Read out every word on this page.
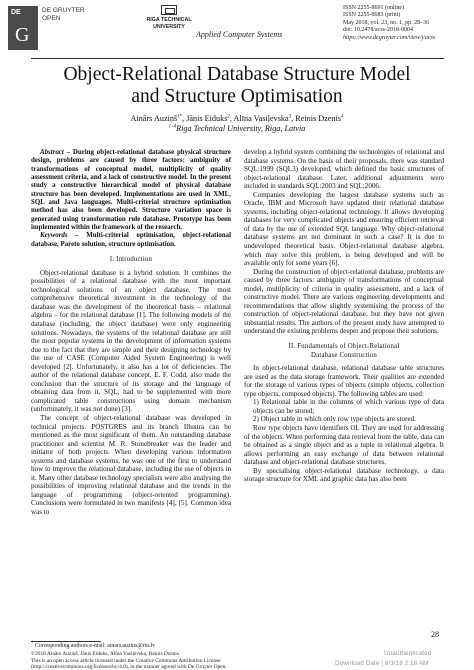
DE
G
DE GRUYTER
OPEN	RIGA TECHNICAL
UNIVERSITY
Applied Computer Systems
ISSN 2255-8691 (online)
ISSN 2255-8683 (print)
May 2018, vol. 23, no. 1, pp. 28–36
doi: 10.2478/acss-2018-0004
https://www.degruyter.com/view/j/acss
Object-Relational Database Structure Model
and Structure Optimisation
Ainārs Auziņš$^{1*}$, Jānis Eiduks$^2$, Alīna Vasiļevska$^3$, Reinis Dzenis$^4$
$^{1-4}$Riga Technical University, Riga, Latvia
Abstract – During object-relational database physical structure design, problems are caused by three factors: ambiguity of transformations of conceptual model, multiplicity of quality assessment criteria, and a lack of constructive model. In the present study a constructive hierarchical model of physical database structure has been developed. Implementations are used in XML, SQL and Java languages. Multi-criterial structure optimisation method has also been developed. Structure variation space is generated using transformation rule database. Prototype has been implemented within the framework of the research.
Keywords – Multi-criterial optimisation, object-relational database, Pareto solution, structure optimisation.
I. Introduction
Object-relational database is a hybrid solution. It combines the possibilities of a relational database with the most important technological solutions of an object database. The most comprehensive theoretical investment in the technology of the database was the development of the theoretical basis – relational algebra – for the relational database [1]. The following models of the database (including, the object database) were only engineering solutions. Nowadays, the systems of the relational database are still the most popular systems in the development of information systems due to the fact that they are simple and their designing technology by the use of CASE (Computer Aided System Engineering) is well developed [2]. Unfortunately, it also has a lot of deficiencies. The author of the relational database concept, E. F. Codd, also made the conclusion that the structure of its storage and the language of obtaining data from it, SQL, had to be supplemented with more complicated table constructions using domain mechanism (unfortunately, it was not done) [3].
The concept of object-relational database was developed in technical projects. POSTGRES and its branch Illustra can be mentioned as the most significant of them. An outstanding database practitioner and scientist M. R. Stonebreaker was the leader and initiator of both projects. When developing various information systems and database systems, he was one of the first to understand how to improve the relational database, including the use of objects in it. Many other database technology specialists were also analysing the possibilities of improving relational database and the trends in the language of programming (object-oriented programming). Conclusions were formulated in two manifests [4], [5]. Common idea was to
develop a hybrid system combining the technologies of relational and database systems. On the basis of their proposals, there was standard SQL:1999 (SQL3) developed, which defined the basic structures of object-relational database. Later, additional adjustments were included in standards SQL:2003 and SQL:2006.
Companies developing the largest database systems such as Oracle, IBM and Microsoft have updated their relational database systems, including object-relational technology. It allows developing databases for very complicated objects and ensuring efficient retrieval of data by the use of extended SQL language. Why object-relational database systems are not dominant in such a case? It is due to undeveloped theoretical basis. Object-relational database algebra, which may solve this problem, is being developed and will be available only for some years [6].
During the construction of object-relational database, problems are caused by three factors: ambiguity of transformations of conceptual model, multiplicity of criteria in quality assessment, and a lack of constructive model. There are various engineering developments and recommendations that allow slightly systemising the process of the construction of object-relational database, but they have not given substantial results. The authors of the present study have attempted to understand the existing problems deeper and propose their solutions.
II. Fundamentals of Object-Relational
Database Construction
In object-relational database, relational database table structures are used as the data storage framework. Their qualities are extended for the storage of various types of objects (simple objects, collection type objects, composed objects). The following tables are used:
1) Relational table in the columns of which various type of data objects can be stored;
2) Object table in which only row type objects are stored.
Row type objects have identifiers OI. They are used for addressing of the objects. When performing data retrieval from the table, data can be obtained as a single object and as a tuple in relational algebra. It allows performing an easy exchange of data between relational database and object-relational database structures.
By specialising object-relational database technology, a data storage structure for XML and graphic data has also been
28
* Corresponding authors e-mail: ainars.auzins@rtu.lv
©2018 Ainārs Auziņš, Jānis Eiduks, Alīna Vasiļevska, Reinis Dzenis.
This is an open access article licensed under the Creative Commons Attribution License
(http://creativecommons.org/licenses/by/4.0), in the manner agreed with De Gruyter Open.
Unauthenticated
Download Date | 6/3/18 2:18 AM
